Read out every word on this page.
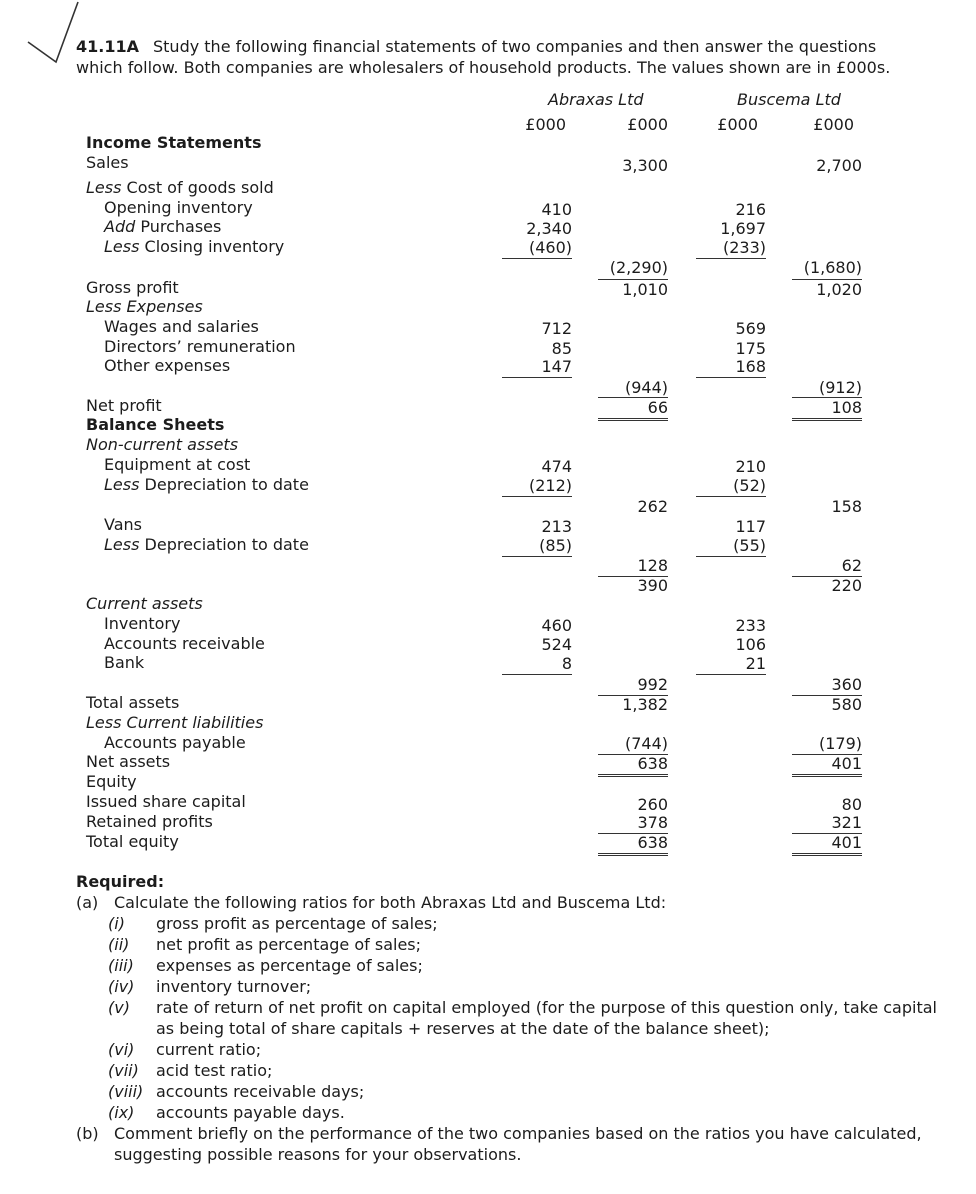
41.11A Study the following financial statements of two companies and then answer the questions
which follow. Both companies are wholesalers of household products. The values shown are in £000s.
Abraxas Ltd	Buscema Ltd
£000	£000	£000	£000
Income Statements
Sales	3,300	2,700
Less Cost of goods sold
Opening inventory	410	216
Add Purchases	2,340	1,697
Less Closing inventory	(460)	(233)
(2,290)	(1,680)
Gross profit	1,010	1,020
Less Expenses
Wages and salaries	712	569
Directors’ remuneration	85	175
Other expenses	147	168
(944)	(912)
Net profit	66	108
Balance Sheets
Non-current assets
Equipment at cost	474	210
Less Depreciation to date	(212)	(52)
262	158
Vans	213	117
Less Depreciation to date	(85)	(55)
128	62
390	220
Current assets
Inventory	460	233
Accounts receivable	524	106
Bank	8	21
992	360
Total assets	1,382	580
Less Current liabilities
Accounts payable	(744)	(179)
Net assets	638	401
Equity
Issued share capital	260	80
Retained profits	378	321
Total equity	638	401
Required:
(a) Calculate the following ratios for both Abraxas Ltd and Buscema Ltd:
(i) gross profit as percentage of sales;
(ii) net profit as percentage of sales;
(iii) expenses as percentage of sales;
(iv) inventory turnover;
(v) rate of return of net profit on capital employed (for the purpose of this question only, take capital as being total of share capitals + reserves at the date of the balance sheet);
(vi) current ratio;
(vii) acid test ratio;
(viii) accounts receivable days;
(ix) accounts payable days.
(b) Comment briefly on the performance of the two companies based on the ratios you have calculated, suggesting possible reasons for your observations.
